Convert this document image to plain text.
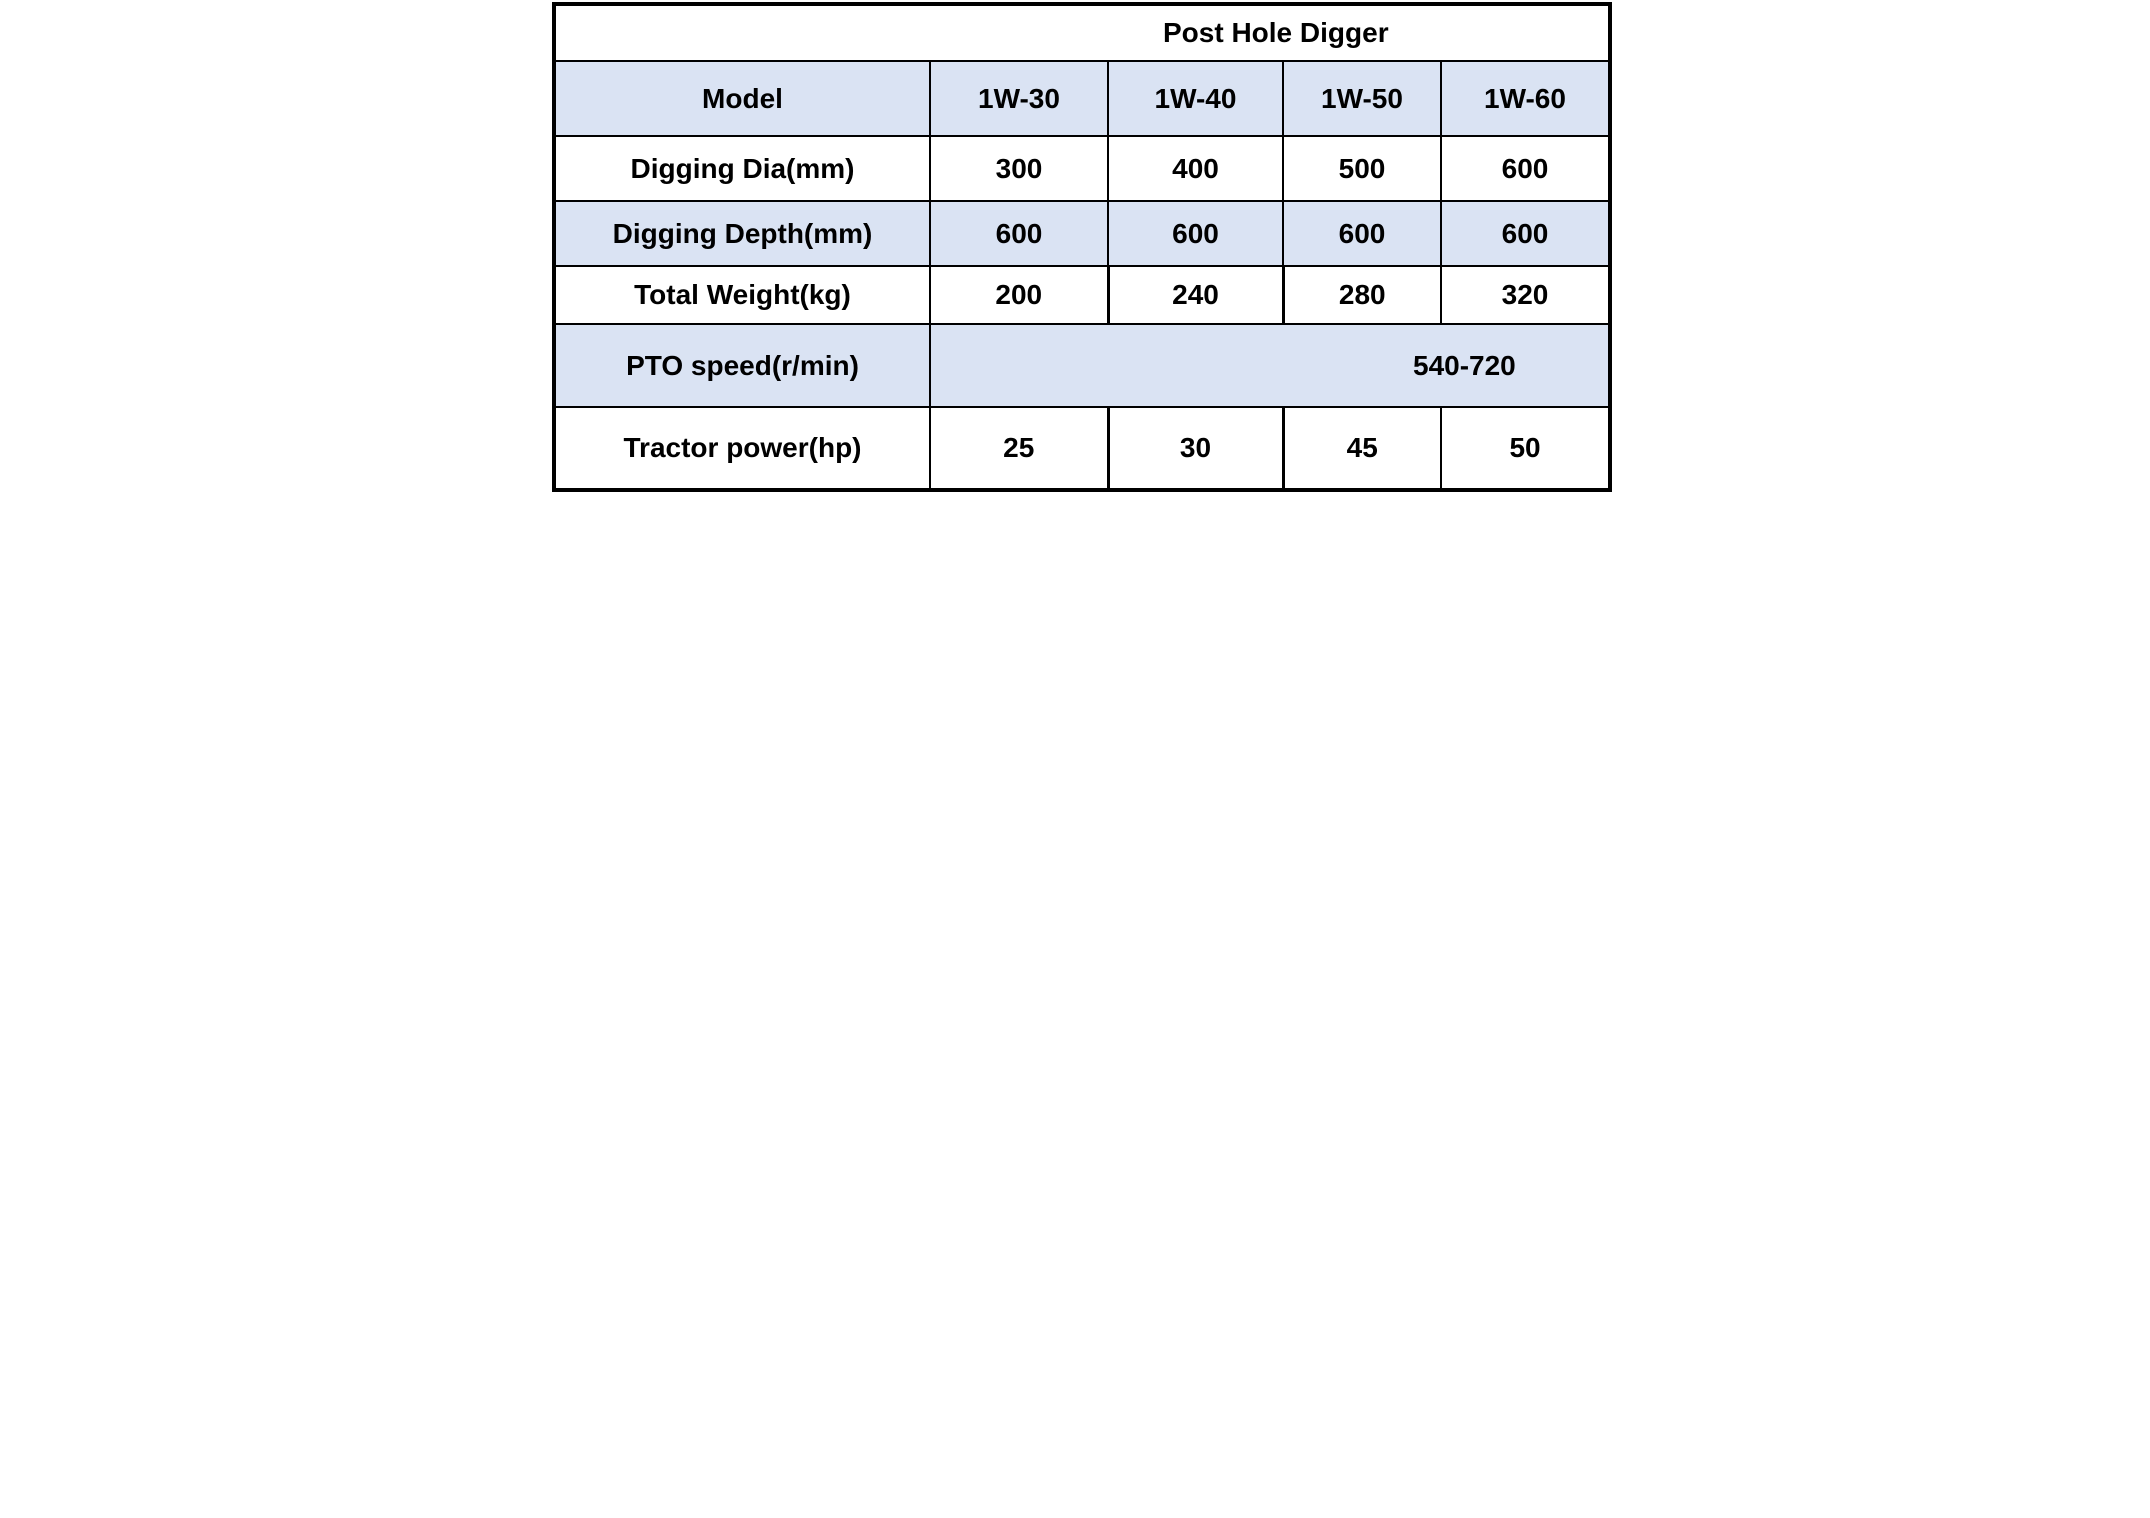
Post Hole Digger				
Model	1W-30	1W-40	1W-50	1W-60
Digging Dia(mm)	300	400	500	600
Digging Depth(mm)	600	600	600	600
Total Weight(kg)	200	240	280	320
PTO speed(r/min)	540-720			
Tractor power(hp)	25	30	45	50
